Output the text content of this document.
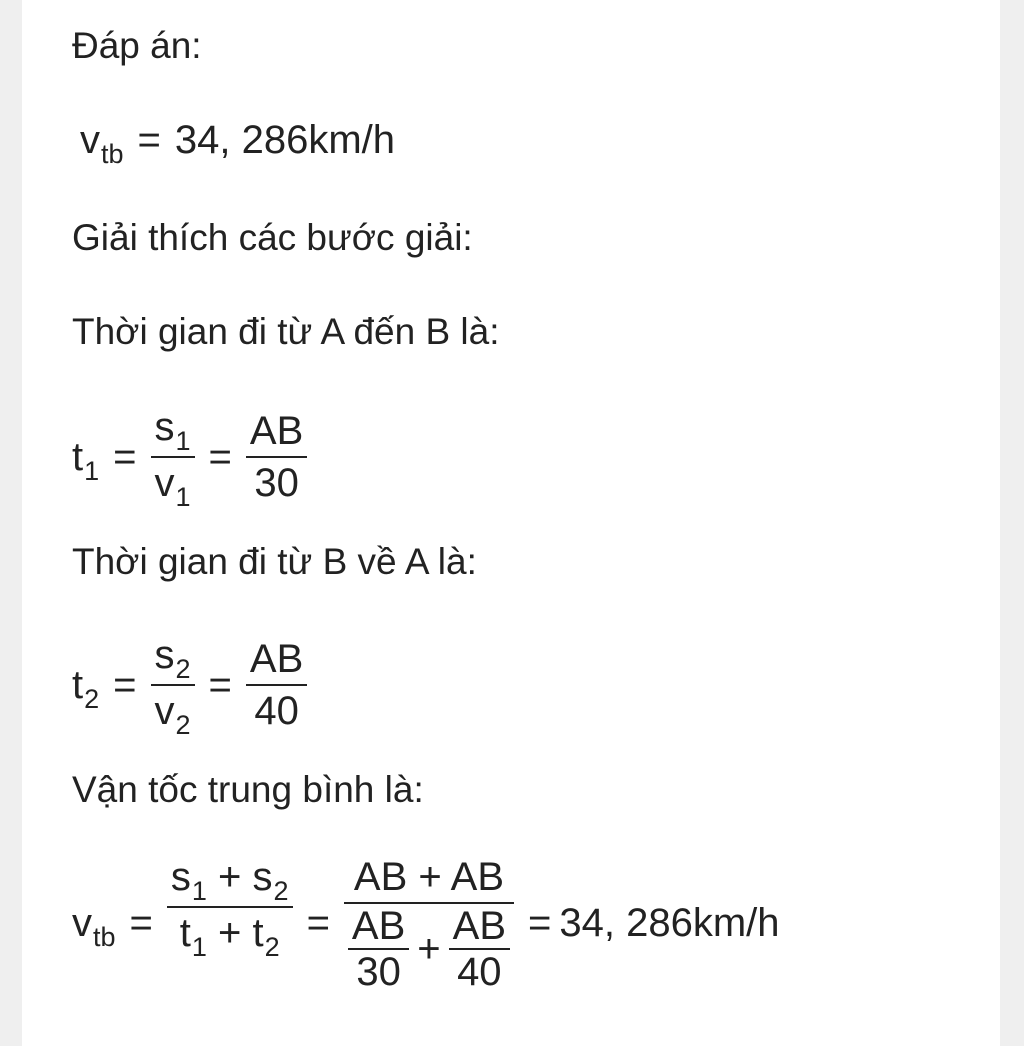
Đáp án:
$v_{tb} = 34$, 286km/h
Giải thích các bước giải:
Thời gian đi từ A đến B là:
$t_1 = \frac{s_1}{v_1} = \frac{AB}{30}$
Thời gian đi từ B về A là:
$t_2 = \frac{s_2}{v_2} = \frac{AB}{40}$
Vận tốc trung bình là:
$v_{tb} = \frac{s_1 + s_2}{t_1 + t_2}$ =
AB + AB
$\frac{AB}{30} + \frac{AB}{40} = 34$, 286km/h
